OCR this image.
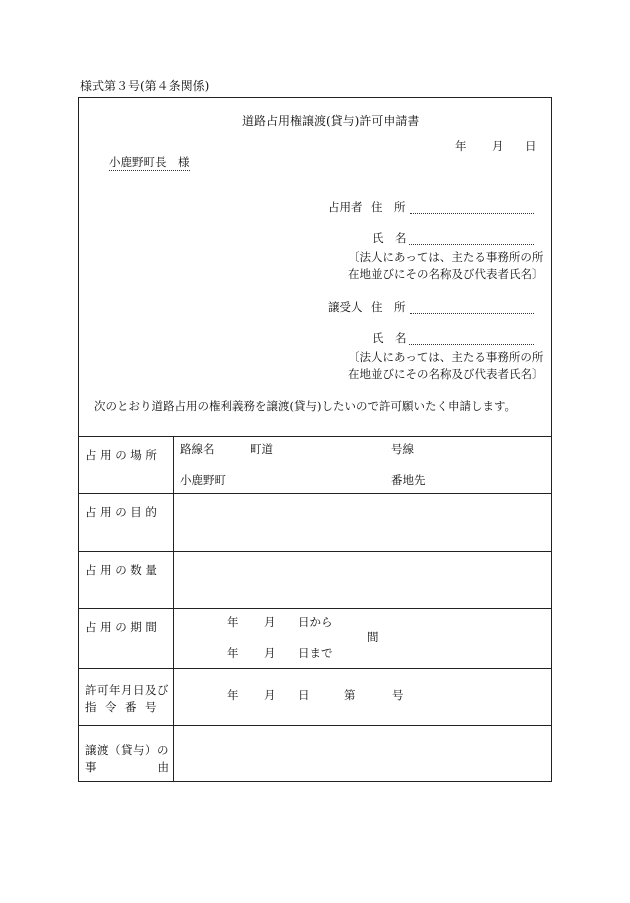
様式第３号(第４条関係)
道路占用権譲渡(貸与)許可申請書
年 月 日
小鹿野町長　様
占用者 住　所
氏　名
〔法人にあっては、主たる事務所の所
在地並びにその名称及び代表者氏名〕
譲受人 住　所
氏　名
〔法人にあっては、主たる事務所の所
在地並びにその名称及び代表者氏名〕
次のとおり道路占用の権利義務を譲渡(貸与)したいので許可願いたく申請します。
占用の場所 路線名	町道	号線
小鹿野町	番地先
占用の目的
占用の数量
占用の期間	年 月 日から
間
年 月 日まで
許可年月日及び
指令番号
年 月 日	第	号
譲渡（貸与）の
事	由
